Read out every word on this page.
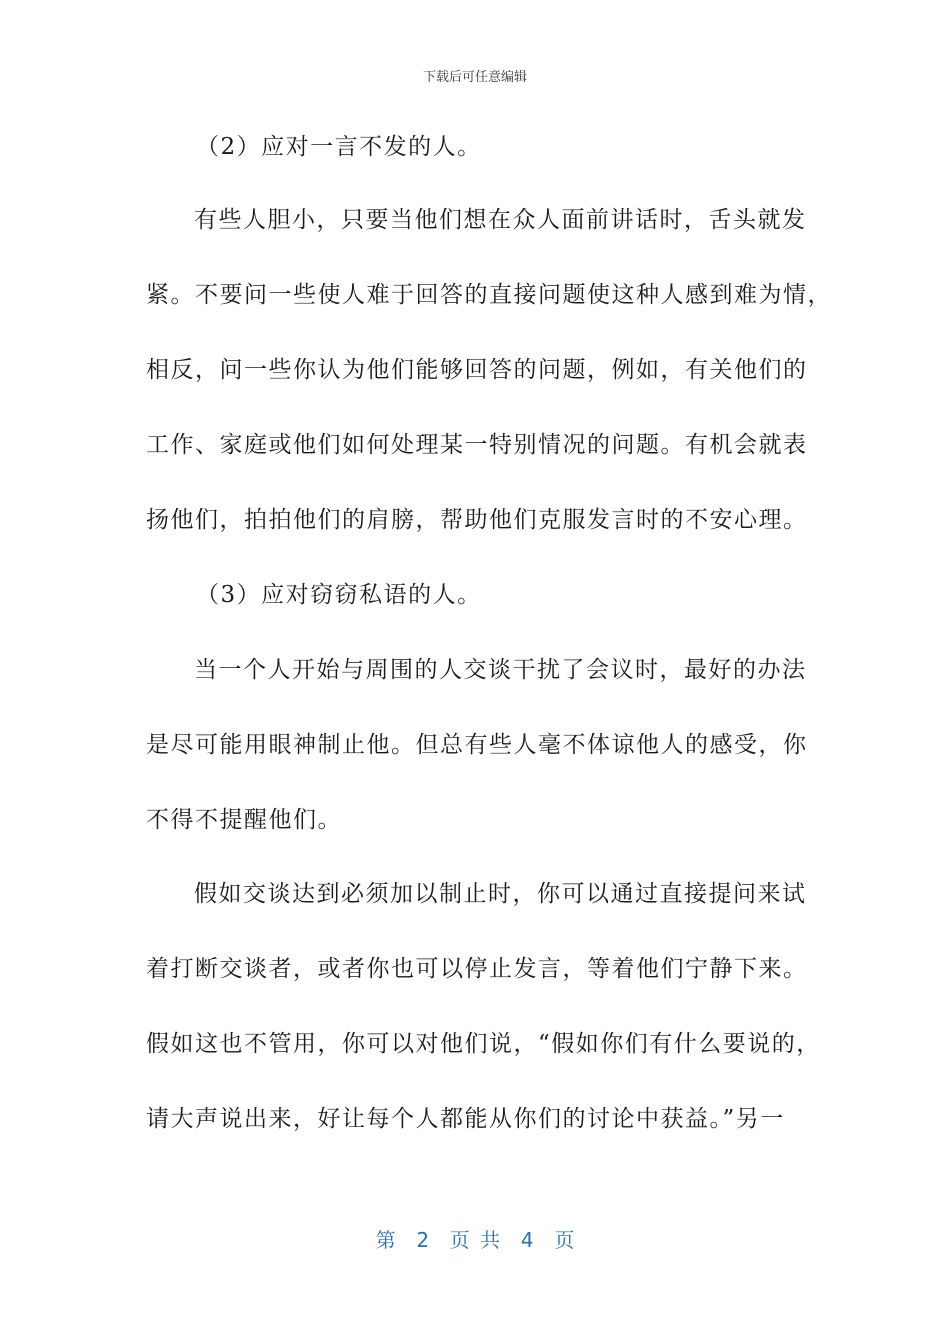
下载后可任意编辑
（2）应对一言不发的人。
有些人胆小，只要当他们想在众人面前讲话时，舌头就发
紧。不要问一些使人难于回答的直接问题使这种人感到难为情，
相反，问一些你认为他们能够回答的问题，例如，有关他们的
工作、家庭或他们如何处理某一特别情况的问题。有机会就表
扬他们，拍拍他们的肩膀，帮助他们克服发言时的不安心理。
（3）应对窃窃私语的人。
当一个人开始与周围的人交谈干扰了会议时，最好的办法
是尽可能用眼神制止他。但总有些人毫不体谅他人的感受，你
不得不提醒他们。
假如交谈达到必须加以制止时，你可以通过直接提问来试
着打断交谈者，或者你也可以停止发言，等着他们宁静下来。
假如这也不管用，你可以对他们说，“假如你们有什么要说的，
请大声说出来，好让每个人都能从你们的讨论中获益。”另一
第  2  页 共  4  页
